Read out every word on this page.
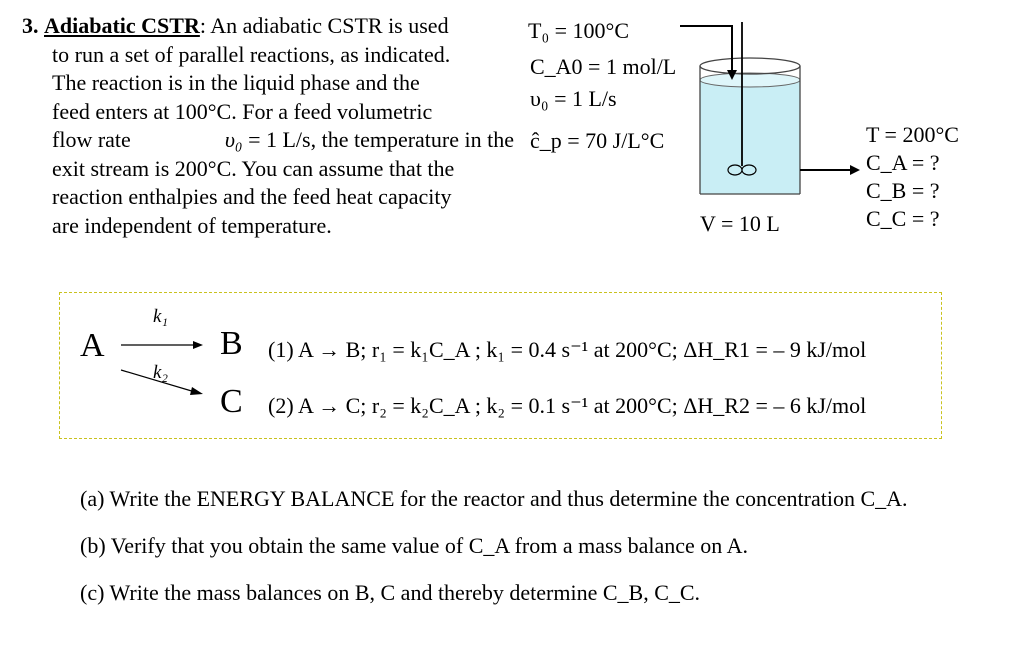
3. Adiabatic CSTR: An adiabatic CSTR is used
to run a set of parallel reactions, as indicated.
The reaction is in the liquid phase and the
feed enters at 100°C. For a feed volumetric
flow rate	υ₀ = 1 L/s, the temperature in the
exit stream is 200°C. You can assume that the
reaction enthalpies and the feed heat capacity
are independent of temperature.
T₀ = 100°C
C_A0 = 1 mol/L
υ₀ = 1 L/s
ĉ_p = 70 J/L°C
V = 10 L
T = 200°C
C_A = ?
C_B = ?
C_C = ?
A	B
C
k₁
k₂
(1) A → B; r₁ = k₁C_A ; k₁ = 0.4 s⁻¹ at 200°C; ΔH_R1 = – 9 kJ/mol
(2) A → C; r₂ = k₂C_A ; k₂ = 0.1 s⁻¹ at 200°C; ΔH_R2 = – 6 kJ/mol
(a) Write the ENERGY BALANCE for the reactor and thus determine the concentration C_A.
(b) Verify that you obtain the same value of C_A from a mass balance on A.
(c) Write the mass balances on B, C and thereby determine C_B, C_C.
